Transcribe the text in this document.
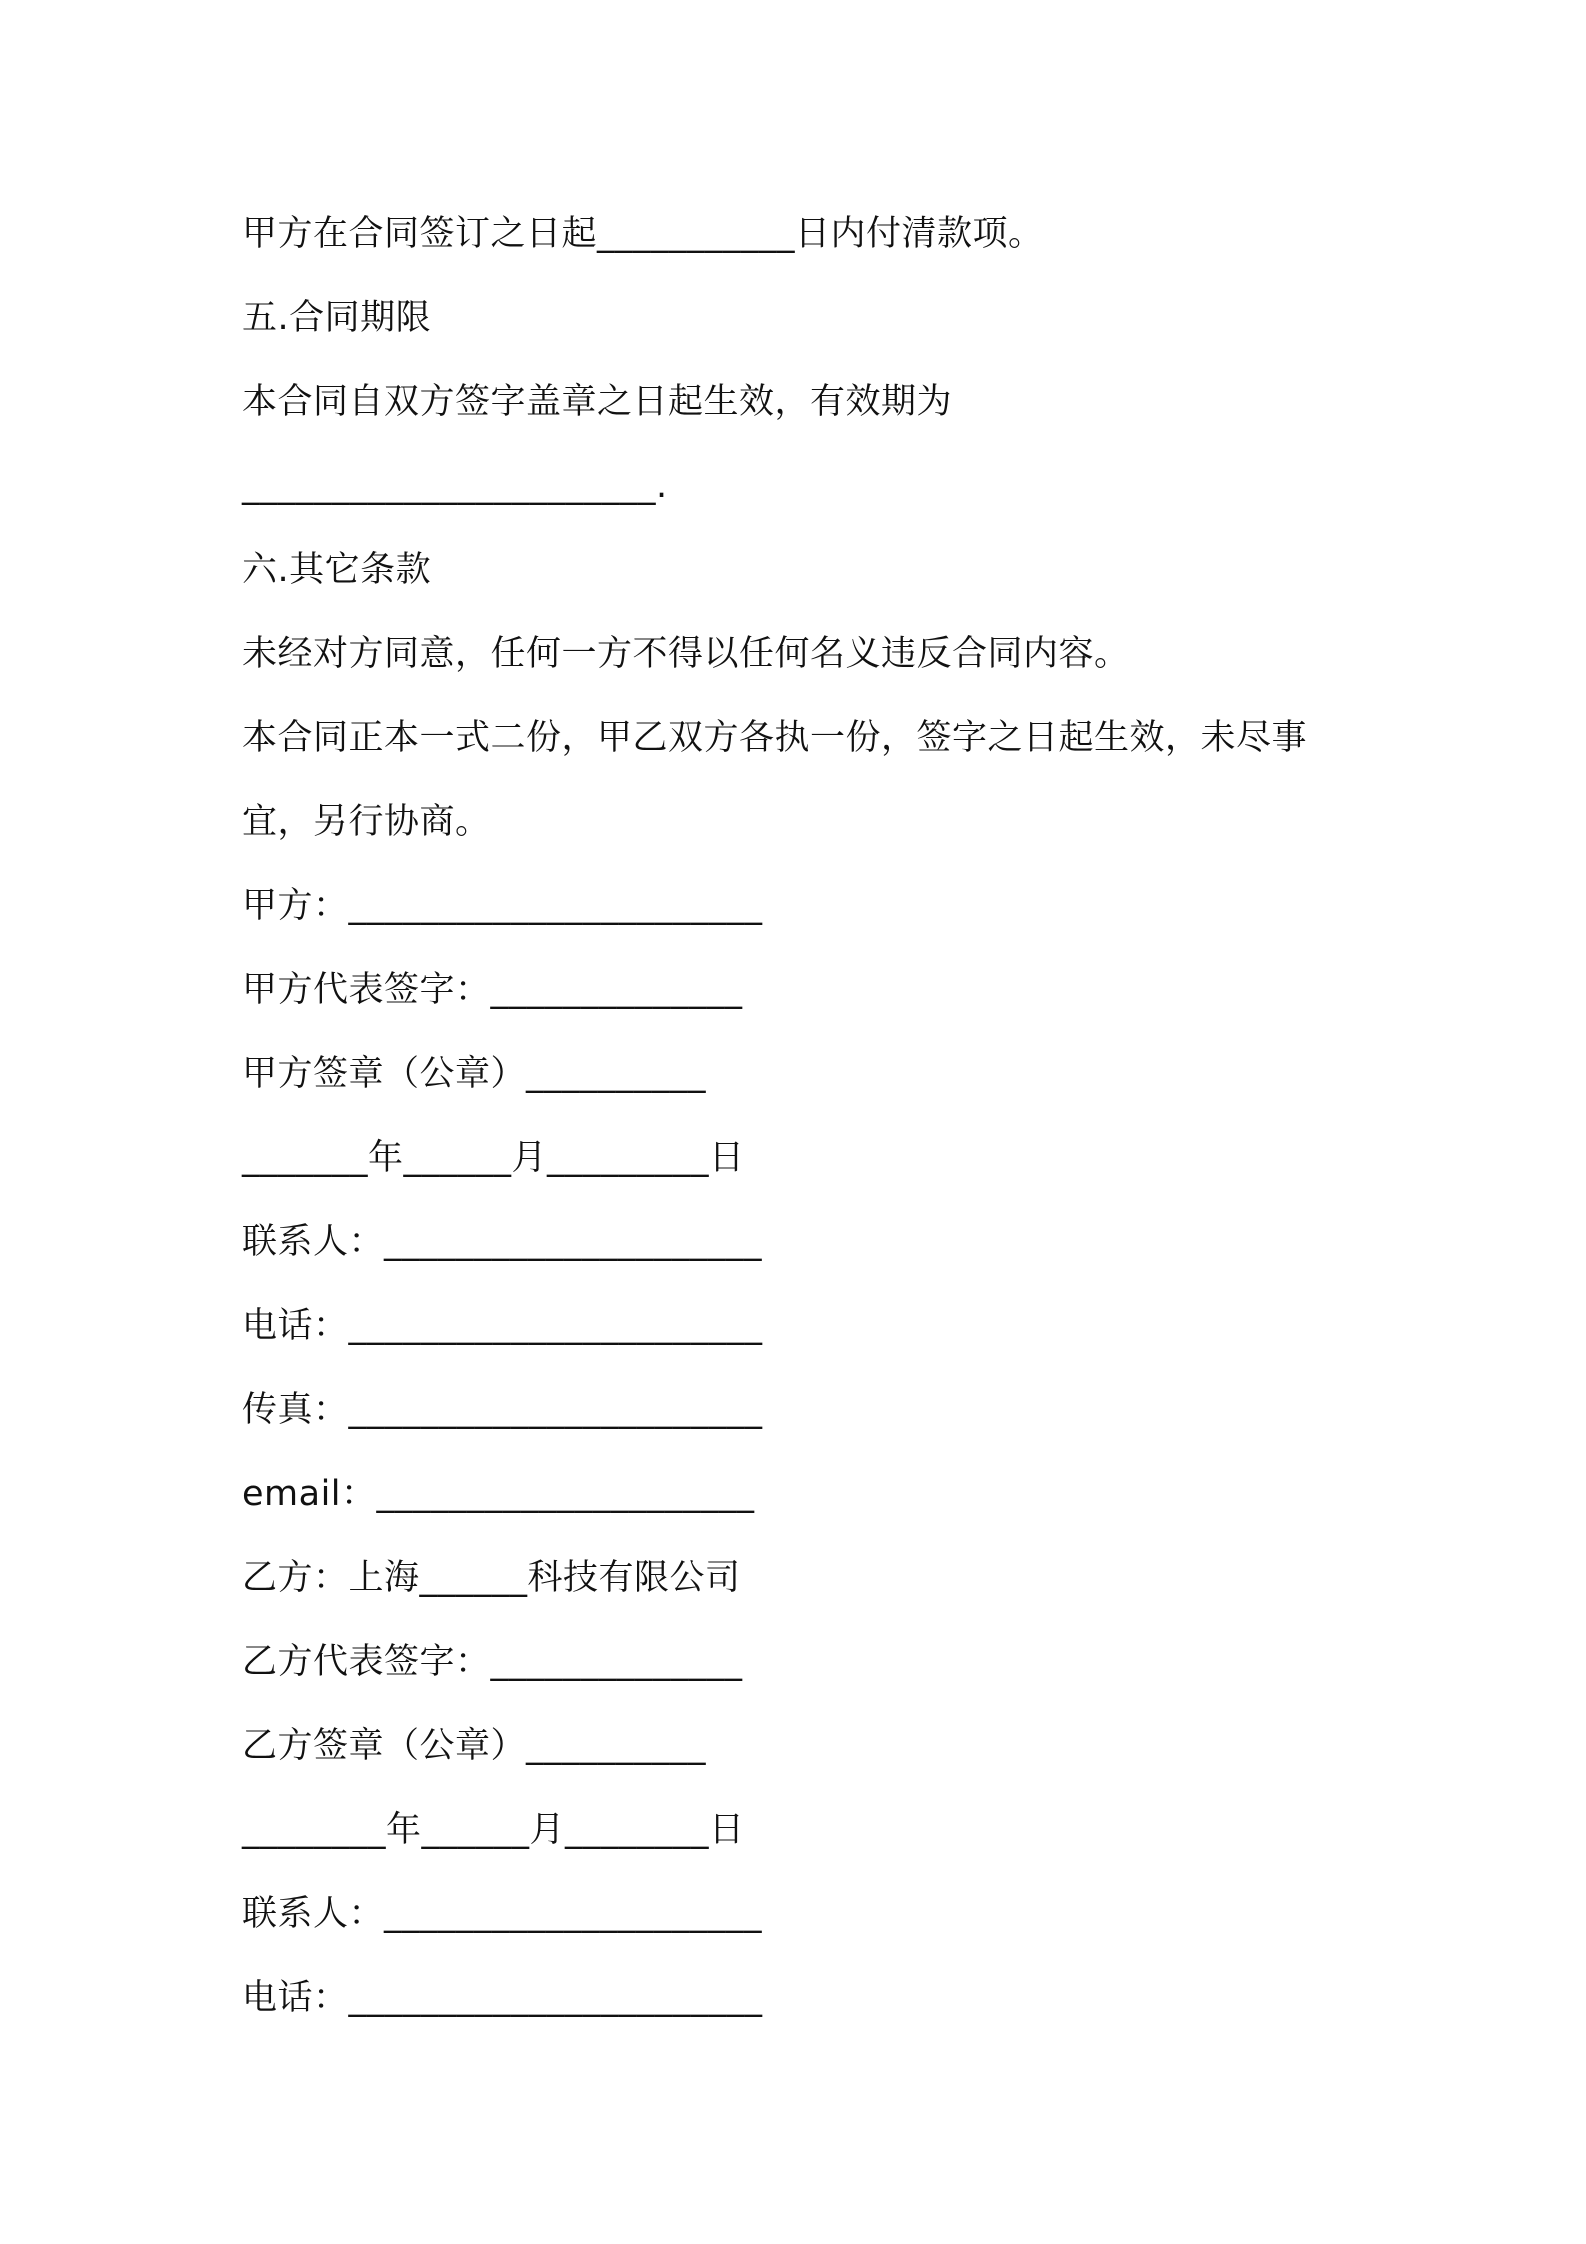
甲方在合同签订之日起___________日内付清款项。
五.合同期限
本合同自双方签字盖章之日起生效，有效期为
_______________________.
六.其它条款
未经对方同意，任何一方不得以任何名义违反合同内容。
本合同正本一式二份，甲乙双方各执一份，签字之日起生效，未尽事
宜，另行协商。
甲方：_______________________
甲方代表签字：______________
甲方签章（公章）__________
_______年______月_________日
联系人：_____________________
电话：_______________________
传真：_______________________
email：_____________________
乙方：上海______科技有限公司
乙方代表签字：______________
乙方签章（公章）__________
________年______月________日
联系人：_____________________
电话：_______________________
